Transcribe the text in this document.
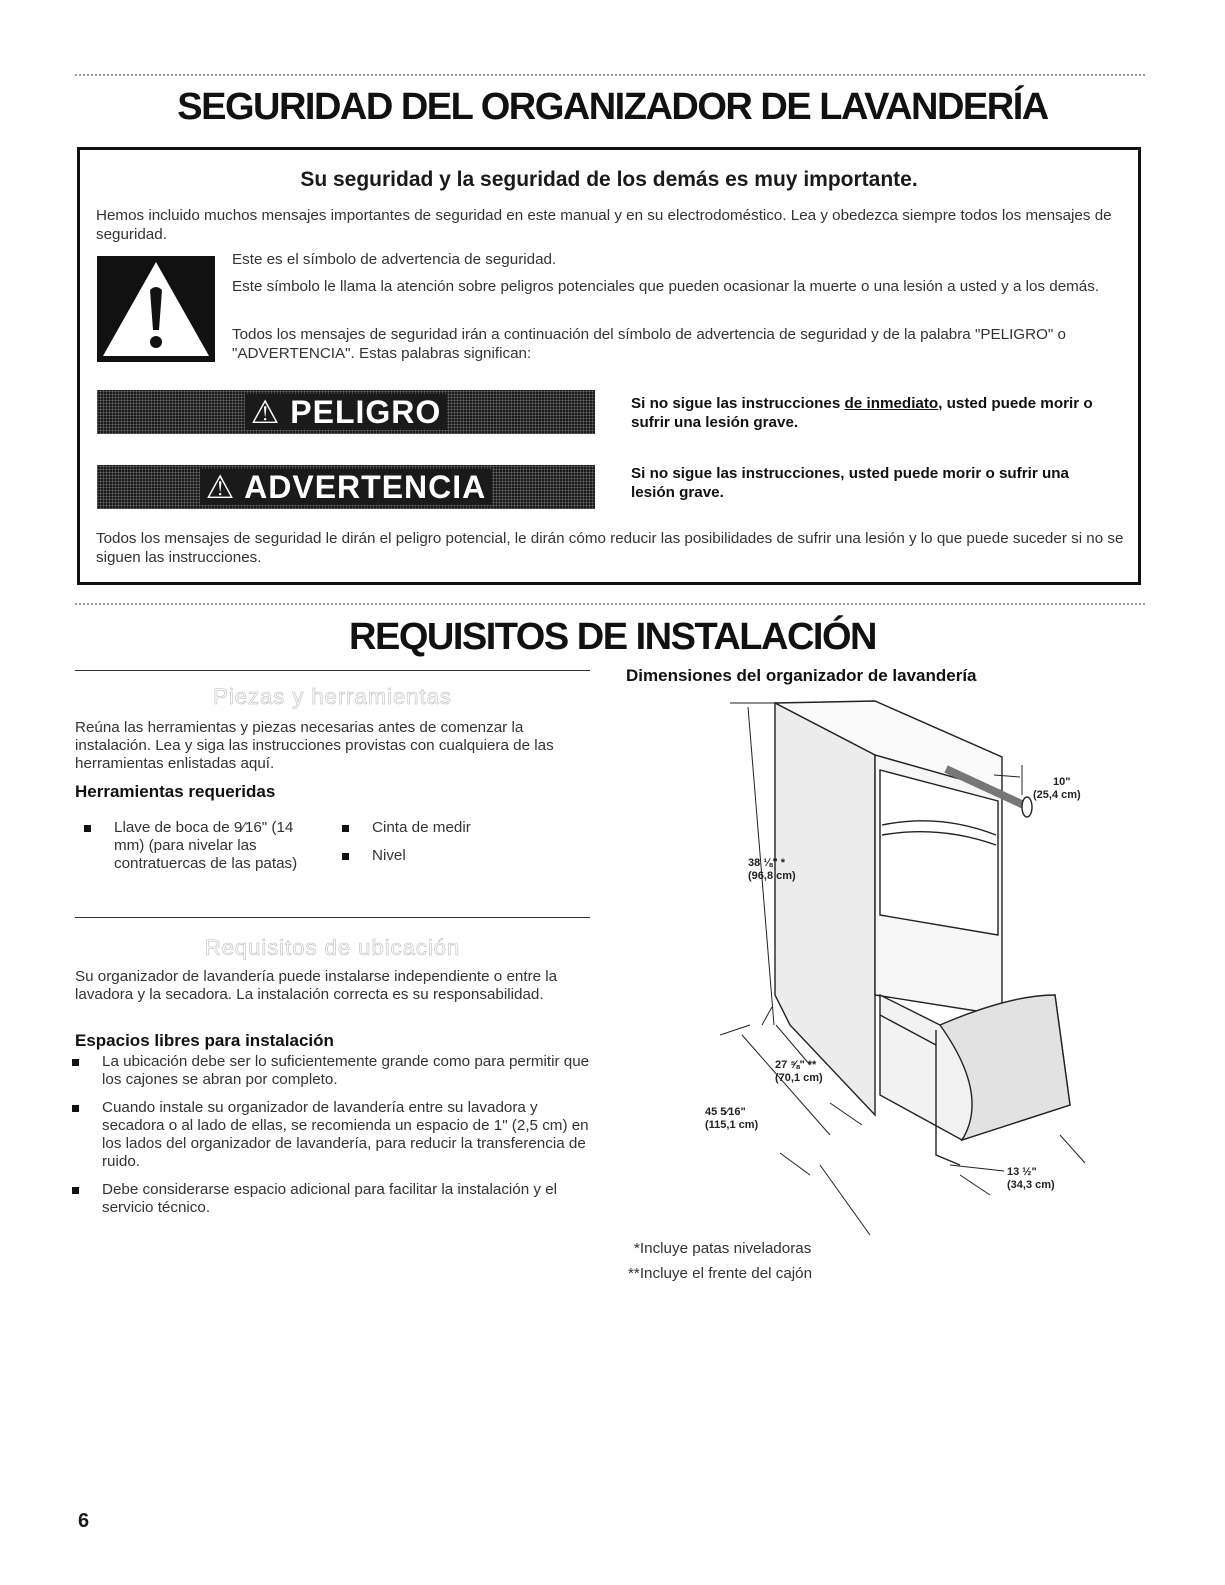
SEGURIDAD DEL ORGANIZADOR DE LAVANDERÍA
Su seguridad y la seguridad de los demás es muy importante.

Hemos incluido muchos mensajes importantes de seguridad en este manual y en su electrodoméstico. Lea y obedezca siempre todos los mensajes de seguridad.

Este es el símbolo de advertencia de seguridad.

Este símbolo le llama la atención sobre peligros potenciales que pueden ocasionar la muerte o una lesión a usted y a los demás.

Todos los mensajes de seguridad irán a continuación del símbolo de advertencia de seguridad y de la palabra "PELIGRO" o "ADVERTENCIA". Estas palabras significan:

⚠ PELIGRO	Si no sigue las instrucciones de inmediato, usted puede morir o sufrir una lesión grave.

⚠ ADVERTENCIA	Si no sigue las instrucciones, usted puede morir o sufrir una lesión grave.

Todos los mensajes de seguridad le dirán el peligro potencial, le dirán cómo reducir las posibilidades de sufrir una lesión y lo que puede suceder si no se siguen las instrucciones.

REQUISITOS DE INSTALACIÓN
Piezas y herramientas

Reúna las herramientas y piezas necesarias antes de comenzar la instalación. Lea y siga las instrucciones provistas con cualquiera de las herramientas enlistadas aquí.

Herramientas requeridas
Llave de boca de 9⁄16" (14 mm) (para nivelar las contratuercas de las patas)
Cinta de medir
Nivel
Requisitos de ubicación

Su organizador de lavandería puede instalarse independiente o entre la lavadora y la secadora. La instalación correcta es su responsabilidad.

Espacios libres para instalación
La ubicación debe ser lo suficientemente grande como para permitir que los cajones se abran por completo.
Cuando instale su organizador de lavandería entre su lavadora y secadora o al lado de ellas, se recomienda un espacio de 1" (2,5 cm) en los lados del organizador de lavandería, para reducir la transferencia de ruido.
Debe considerarse espacio adicional para facilitar la instalación y el servicio técnico.
Dimensiones del organizador de lavandería
38 ⅛" *
(96,8 cm)
10"
(25,4 cm)
27 ⅝" **
(70,1 cm)
45 5⁄16"
(115,1 cm)
13 ½"
(34,3 cm)
*Incluye patas niveladoras
**Incluye el frente del cajón
6
